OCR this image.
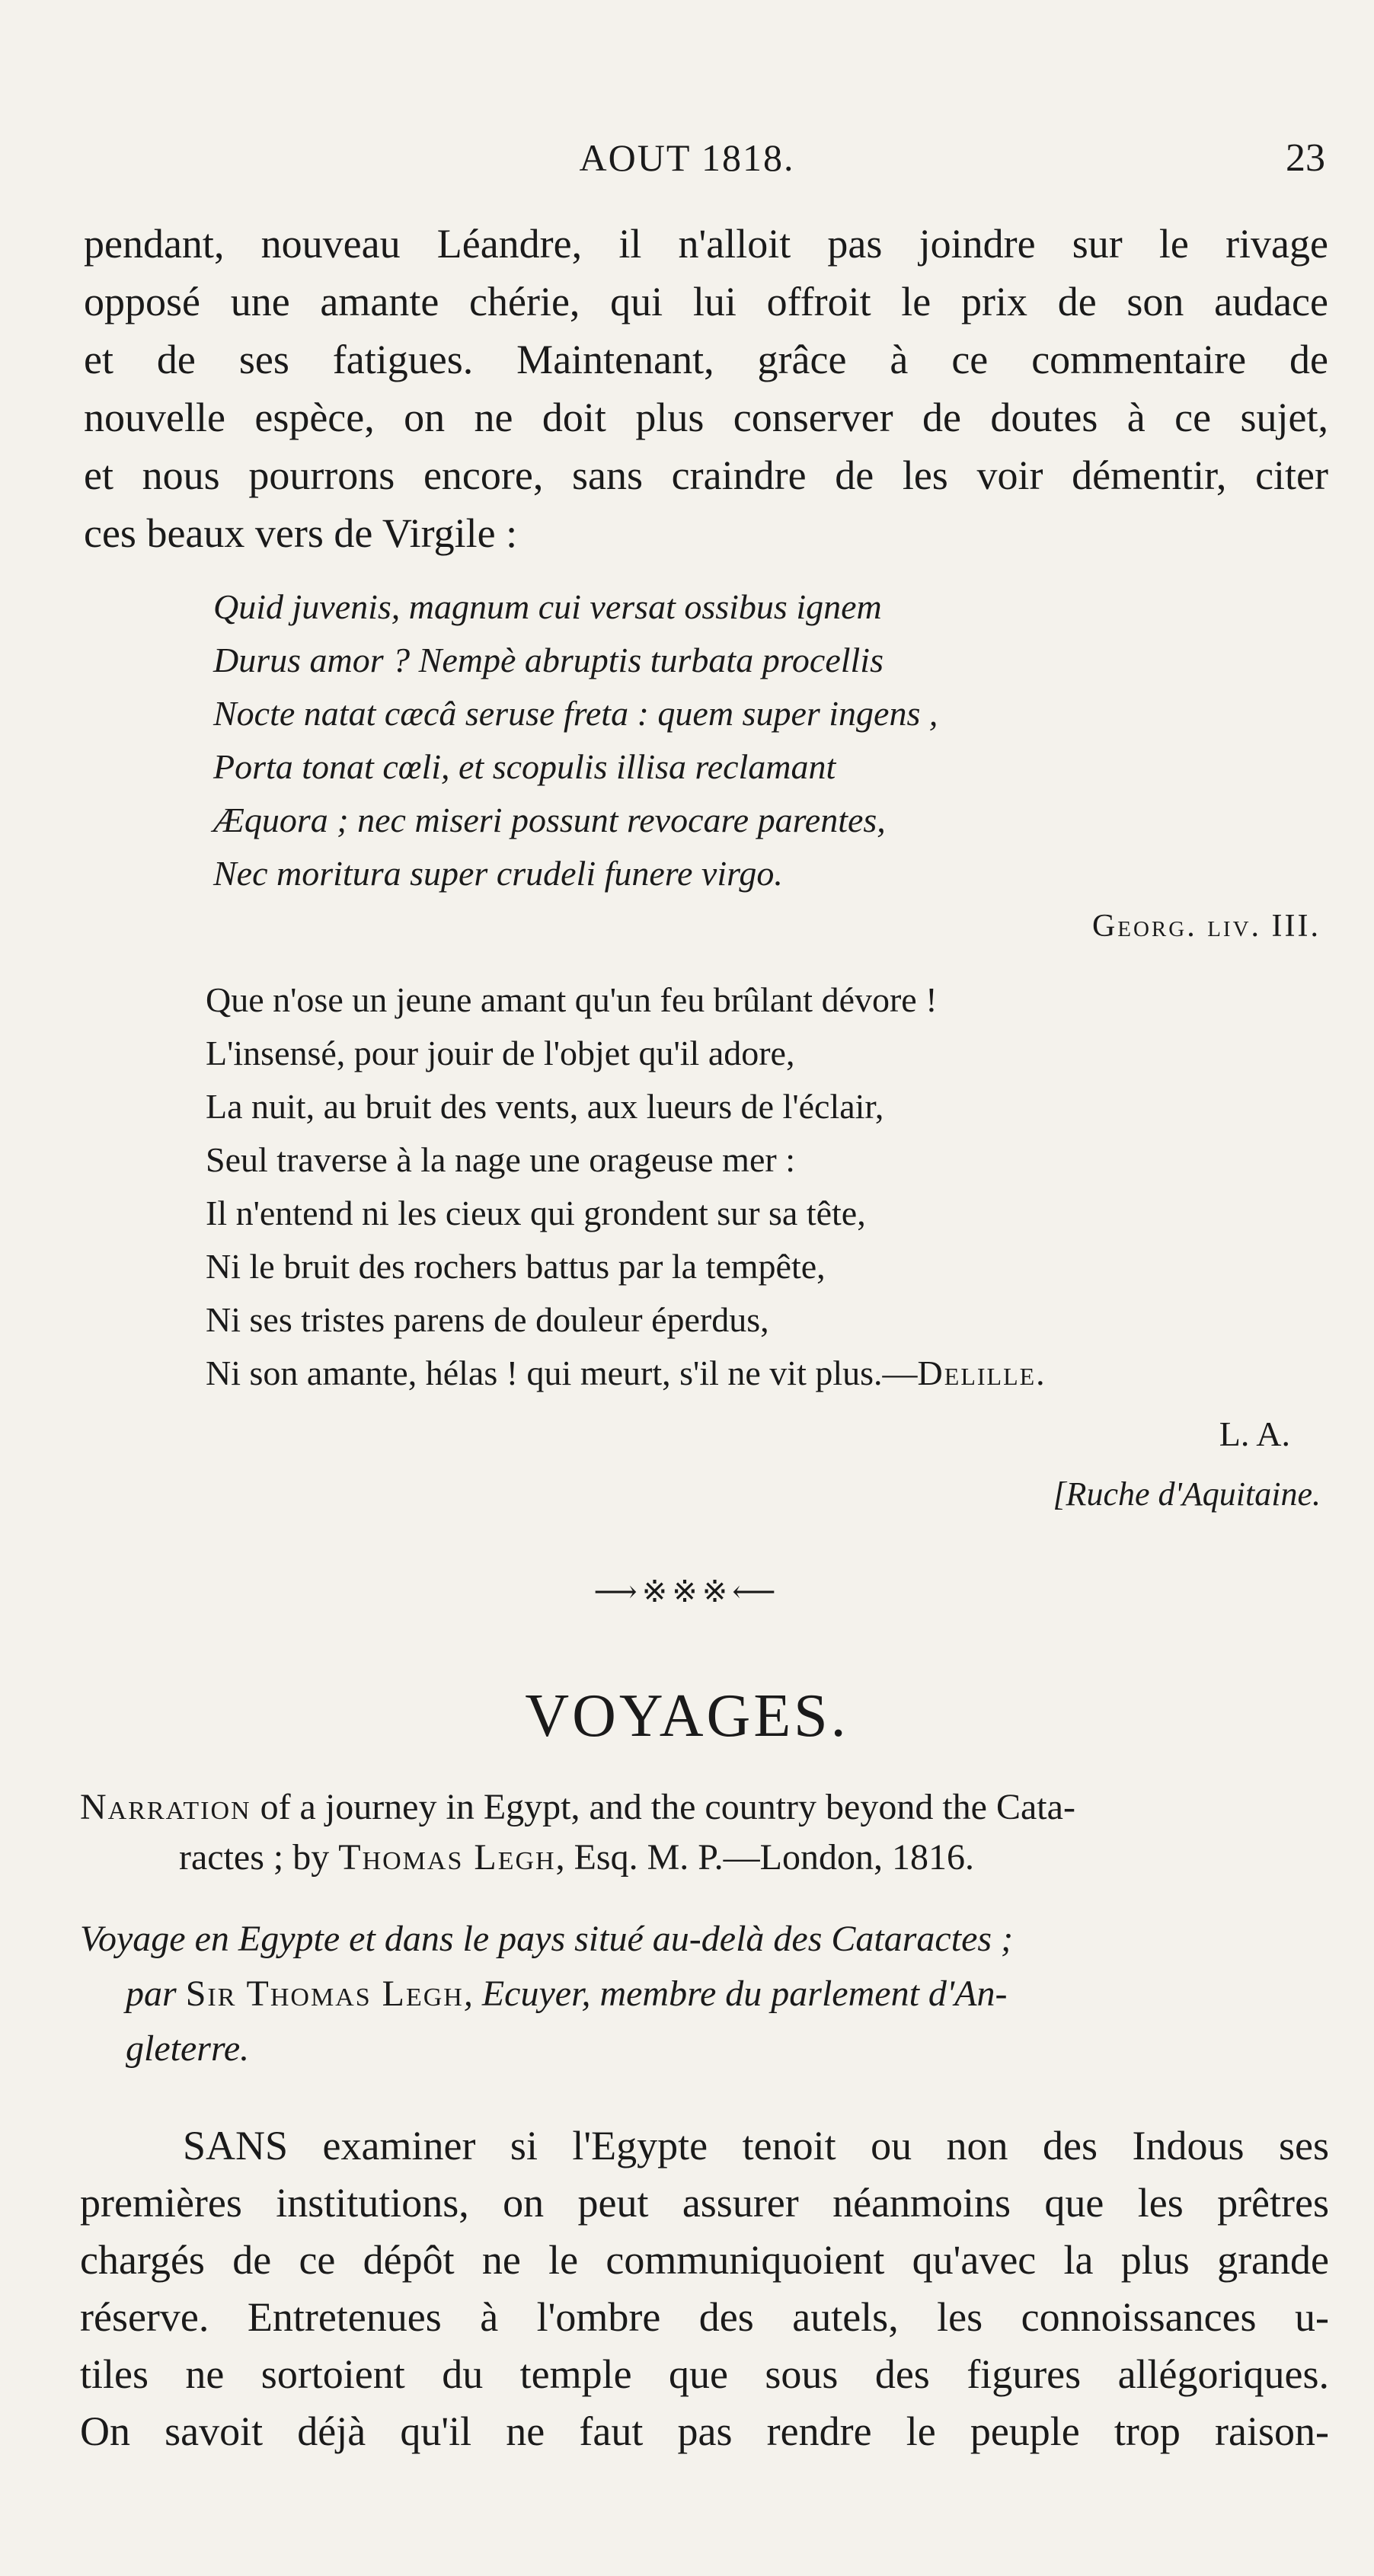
AOUT 1818.	23
pendant, nouveau Léandre, il n'alloit pas joindre sur le rivage
opposé une amante chérie, qui lui offroit le prix de son audace
et de ses fatigues. Maintenant, grâce à ce commentaire de
nouvelle espèce, on ne doit plus conserver de doutes à ce sujet,
et nous pourrons encore, sans craindre de les voir démentir, citer
ces beaux vers de Virgile :
Quid juvenis, magnum cui versat ossibus ignem
Durus amor ? Nempè abruptis turbata procellis
Nocte natat cæcâ seruse freta : quem super ingens ,
Porta tonat cœli, et scopulis illisa reclamant
Æquora ; nec miseri possunt revocare parentes,
Nec moritura super crudeli funere virgo.
Georg. liv. III.
Que n'ose un jeune amant qu'un feu brûlant dévore !
L'insensé, pour jouir de l'objet qu'il adore,
La nuit, au bruit des vents, aux lueurs de l'éclair,
Seul traverse à la nage une orageuse mer :
Il n'entend ni les cieux qui grondent sur sa tête,
Ni le bruit des rochers battus par la tempête,
Ni ses tristes parens de douleur éperdus,
Ni son amante, hélas ! qui meurt, s'il ne vit plus.—Delille.
L. A.
[Ruche d'Aquitaine.
⟶※※※⟵
VOYAGES.
Narration of a journey in Egypt, and the country beyond the Cata-
ractes ; by Thomas Legh, Esq. M. P.—London, 1816.
Voyage en Egypte et dans le pays situé au-delà des Cataractes ;
par Sir Thomas Legh, Ecuyer, membre du parlement d'An-
gleterre.
SANS examiner si l'Egypte tenoit ou non des Indous ses
premières institutions, on peut assurer néanmoins que les prêtres
chargés de ce dépôt ne le communiquoient qu'avec la plus grande
réserve. Entretenues à l'ombre des autels, les connoissances u-
tiles ne sortoient du temple que sous des figures allégoriques.
On savoit déjà qu'il ne faut pas rendre le peuple trop raison-
